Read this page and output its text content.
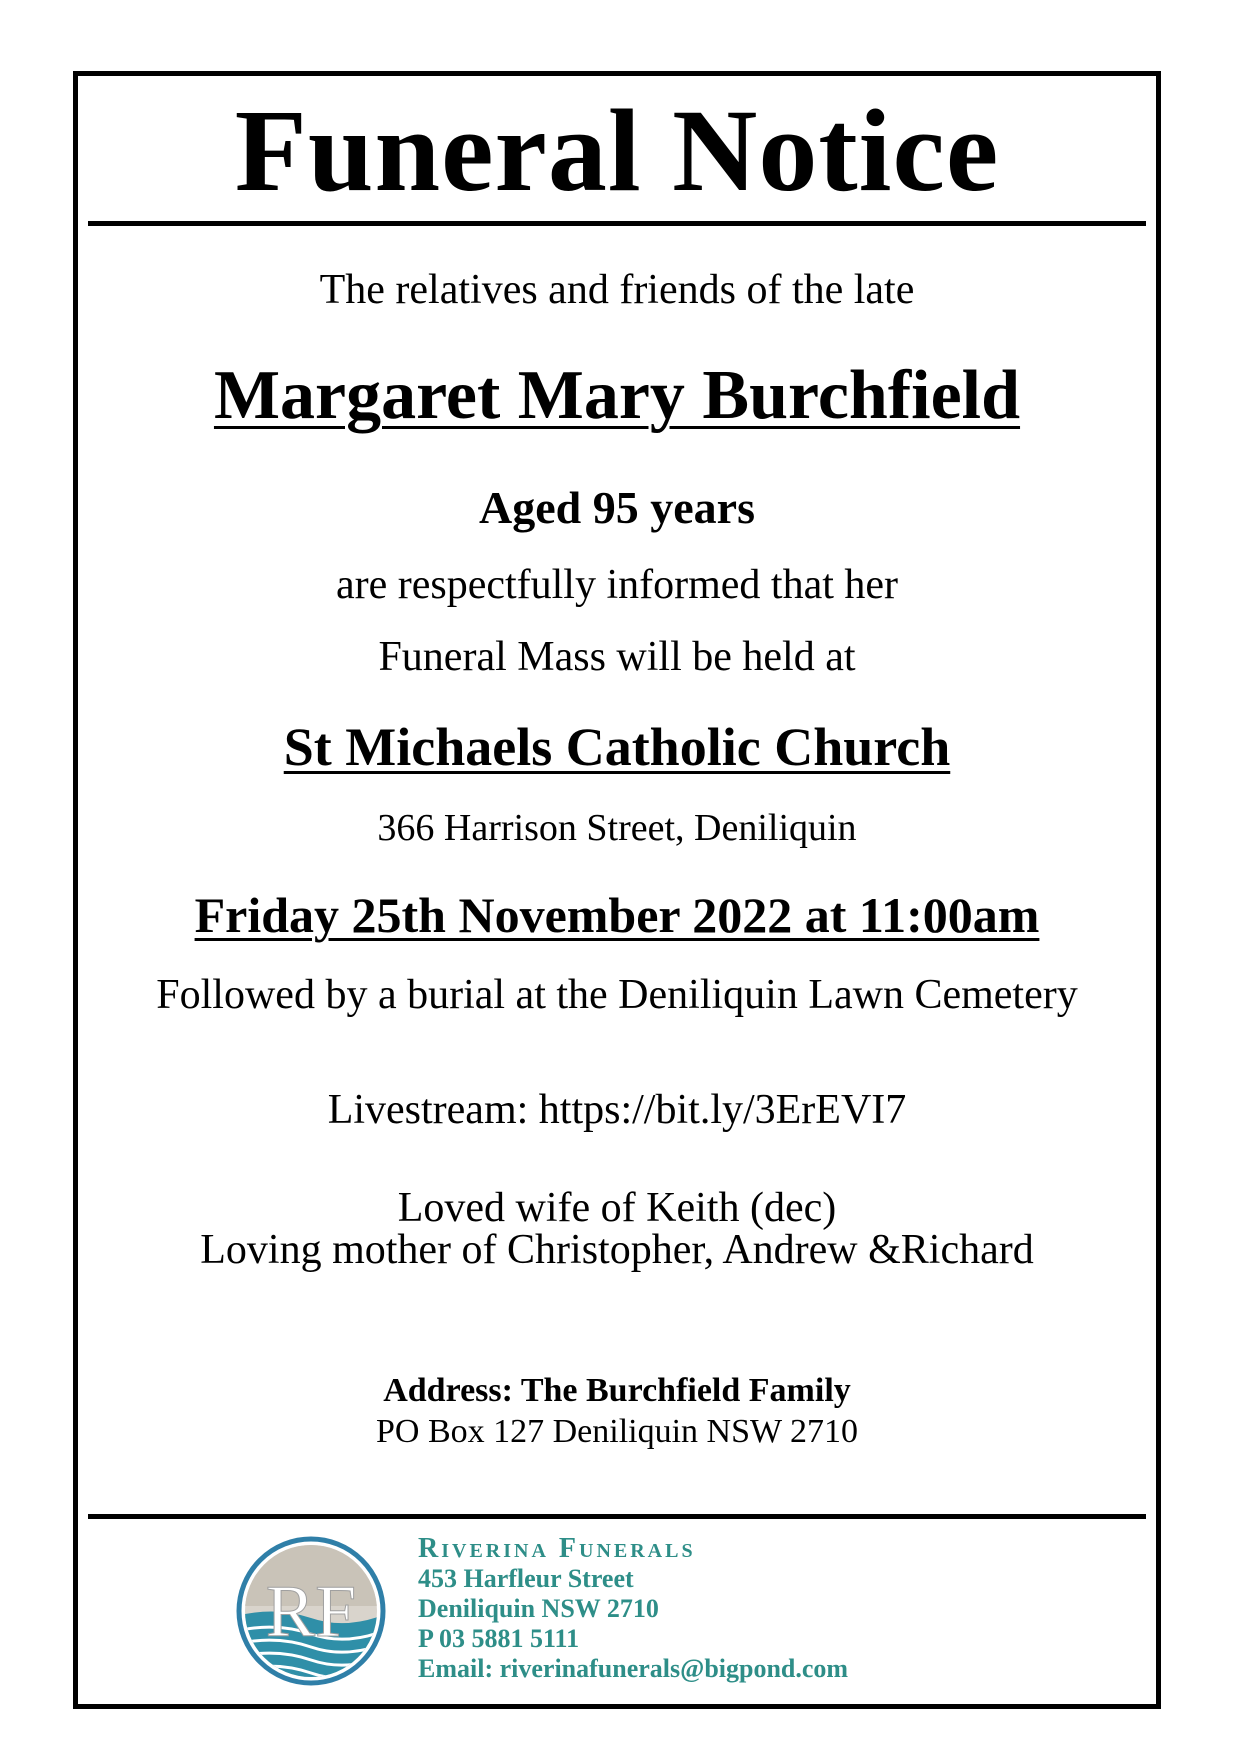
Funeral Notice
The relatives and friends of the late
Margaret Mary Burchfield
Aged 95 years
are respectfully informed that her
Funeral Mass will be held at
St Michaels Catholic Church
366 Harrison Street, Deniliquin
Friday 25th November 2022 at 11:00am
Followed by a burial at the Deniliquin Lawn Cemetery
Livestream: https://bit.ly/3ErEVI7
Loved wife of Keith (dec)
Loving mother of Christopher, Andrew &Richard
Address: The Burchfield Family
PO Box 127 Deniliquin NSW 2710
RF
Riverina Funerals
453 Harfleur Street
Deniliquin NSW 2710
P 03 5881 5111
Email: riverinafunerals@bigpond.com
